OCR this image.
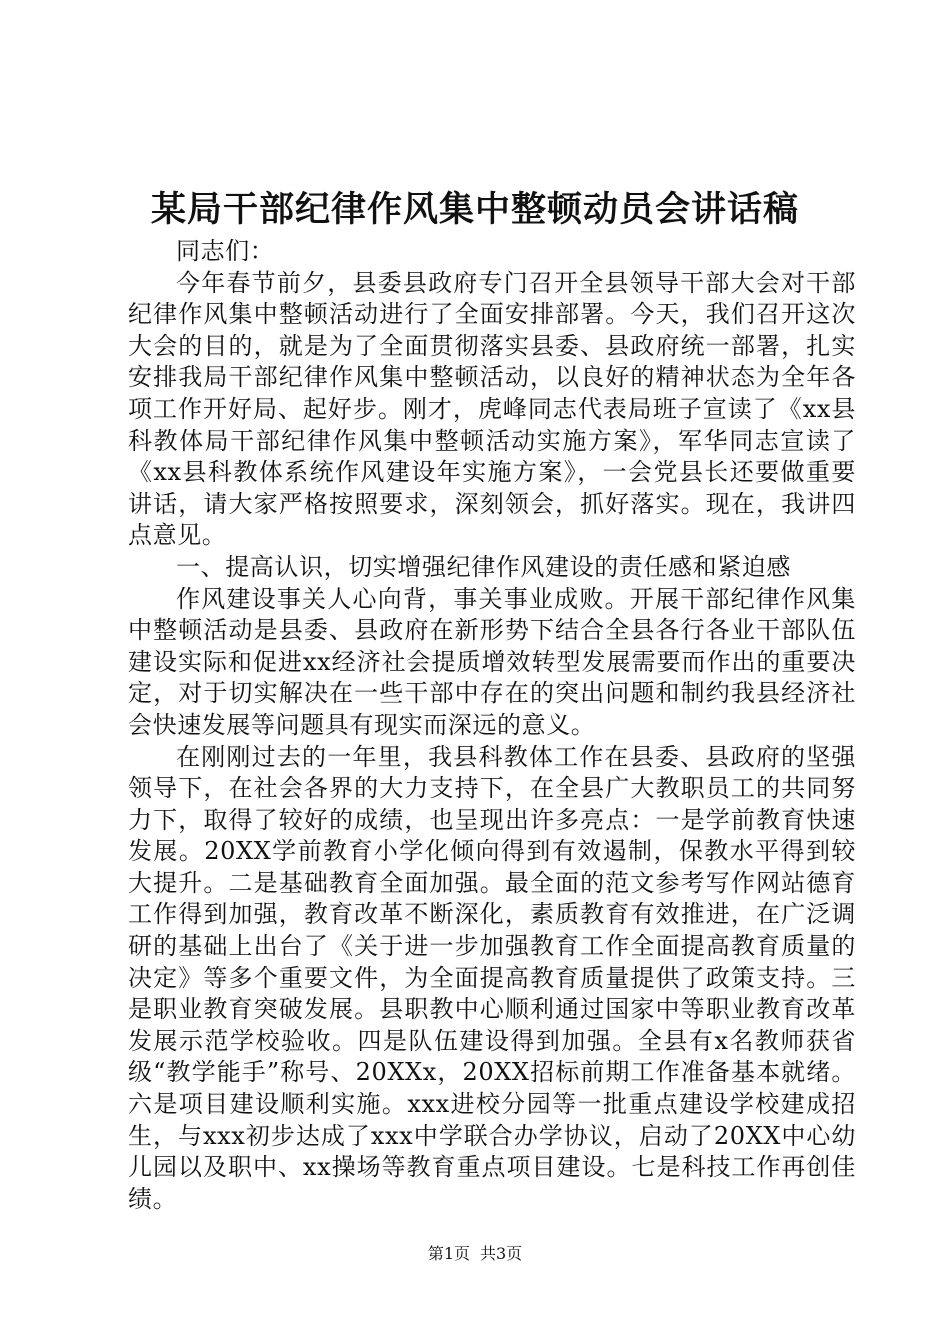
某局干部纪律作风集中整顿动员会讲话稿

同志们：

今年春节前夕，县委县政府专门召开全县领导干部大会对干部纪律作风集中整顿活动进行了全面安排部署。今天，我们召开这次大会的目的，就是为了全面贯彻落实县委、县政府统一部署，扎实安排我局干部纪律作风集中整顿活动，以良好的精神状态为全年各项工作开好局、起好步。刚才，虎峰同志代表局班子宣读了《xx县科教体局干部纪律作风集中整顿活动实施方案》，军华同志宣读了《xx县科教体系统作风建设年实施方案》，一会党县长还要做重要讲话，请大家严格按照要求，深刻领会，抓好落实。现在，我讲四点意见。

一、提高认识，切实增强纪律作风建设的责任感和紧迫感

作风建设事关人心向背，事关事业成败。开展干部纪律作风集中整顿活动是县委、县政府在新形势下结合全县各行各业干部队伍建设实际和促进xx经济社会提质增效转型发展需要而作出的重要决定，对于切实解决在一些干部中存在的突出问题和制约我县经济社会快速发展等问题具有现实而深远的意义。

在刚刚过去的一年里，我县科教体工作在县委、县政府的坚强领导下，在社会各界的大力支持下，在全县广大教职员工的共同努力下，取得了较好的成绩，也呈现出许多亮点：一是学前教育快速发展。20XX学前教育小学化倾向得到有效遏制，保教水平得到较大提升。二是基础教育全面加强。最全面的范文参考写作网站德育工作得到加强，教育改革不断深化，素质教育有效推进，在广泛调研的基础上出台了《关于进一步加强教育工作全面提高教育质量的决定》等多个重要文件，为全面提高教育质量提供了政策支持。三是职业教育突破发展。县职教中心顺利通过国家中等职业教育改革发展示范学校验收。四是队伍建设得到加强。全县有x名教师获省级“教学能手”称号、20XXx，20XX招标前期工作准备基本就绪。六是项目建设顺利实施。xxx进校分园等一批重点建设学校建成招生，与xxx初步达成了xxx中学联合办学协议，启动了20XX中心幼儿园以及职中、xx操场等教育重点项目建设。七是科技工作再创佳绩。

第1页 共3页
